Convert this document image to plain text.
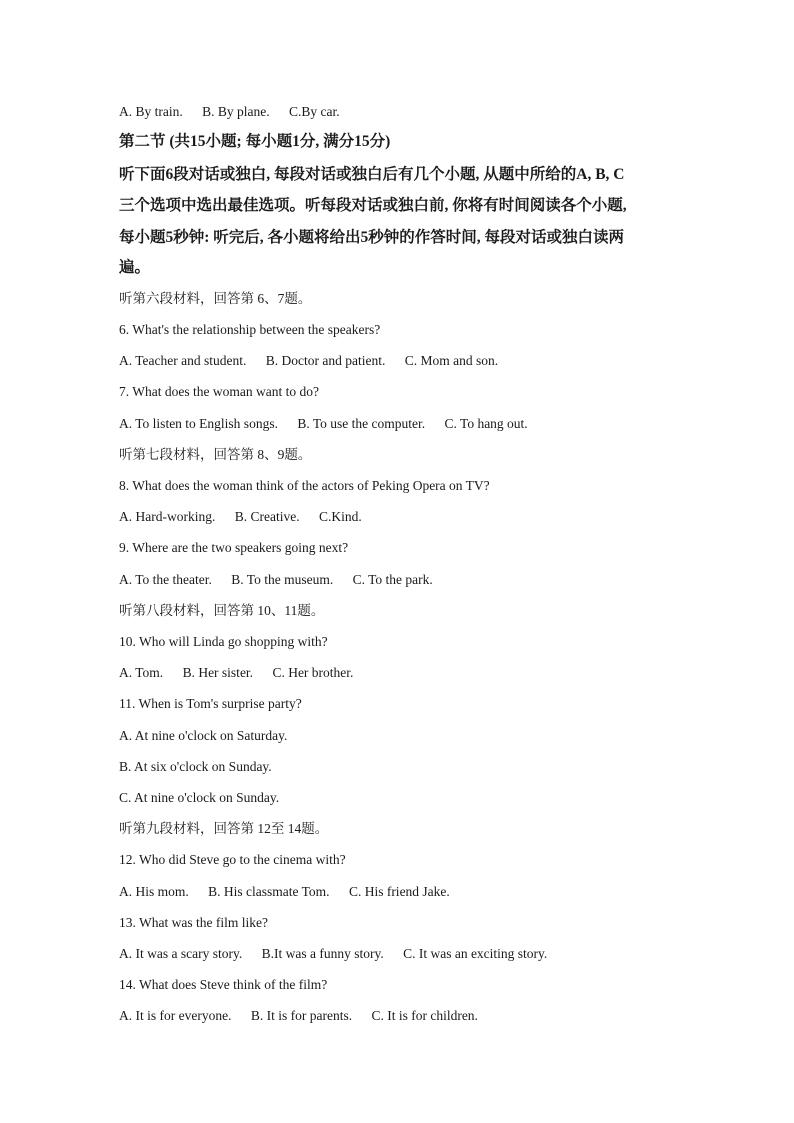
A. By train. B. By plane. C.By car.
第二节 (共15小题; 每小题1分, 满分15分)
听下面6段对话或独白, 每段对话或独白后有几个小题, 从题中所给的A, B, C
三个选项中选出最佳选项。听每段对话或独白前, 你将有时间阅读各个小题,
每小题5秒钟: 听完后, 各小题将给出5秒钟的作答时间, 每段对话或独白读两
遍。
听第六段材料，回答第 6、7题。
6. What's the relationship between the speakers?
A. Teacher and student. B. Doctor and patient. C. Mom and son.
7. What does the woman want to do?
A. To listen to English songs. B. To use the computer. C. To hang out.
听第七段材料，回答第 8、9题。
8. What does the woman think of the actors of Peking Opera on TV?
A. Hard-working. B. Creative. C.Kind.
9. Where are the two speakers going next?
A. To the theater. B. To the museum. C. To the park.
听第八段材料，回答第 10、11题。
10. Who will Linda go shopping with?
A. Tom. B. Her sister. C. Her brother.
11. When is Tom's surprise party?
A. At nine o'clock on Saturday.
B. At six o'clock on Sunday.
C. At nine o'clock on Sunday.
听第九段材料，回答第 12至 14题。
12. Who did Steve go to the cinema with?
A. His mom. B. His classmate Tom. C. His friend Jake.
13. What was the film like?
A. It was a scary story. B.It was a funny story. C. It was an exciting story.
14. What does Steve think of the film?
A. It is for everyone. B. It is for parents. C. It is for children.
